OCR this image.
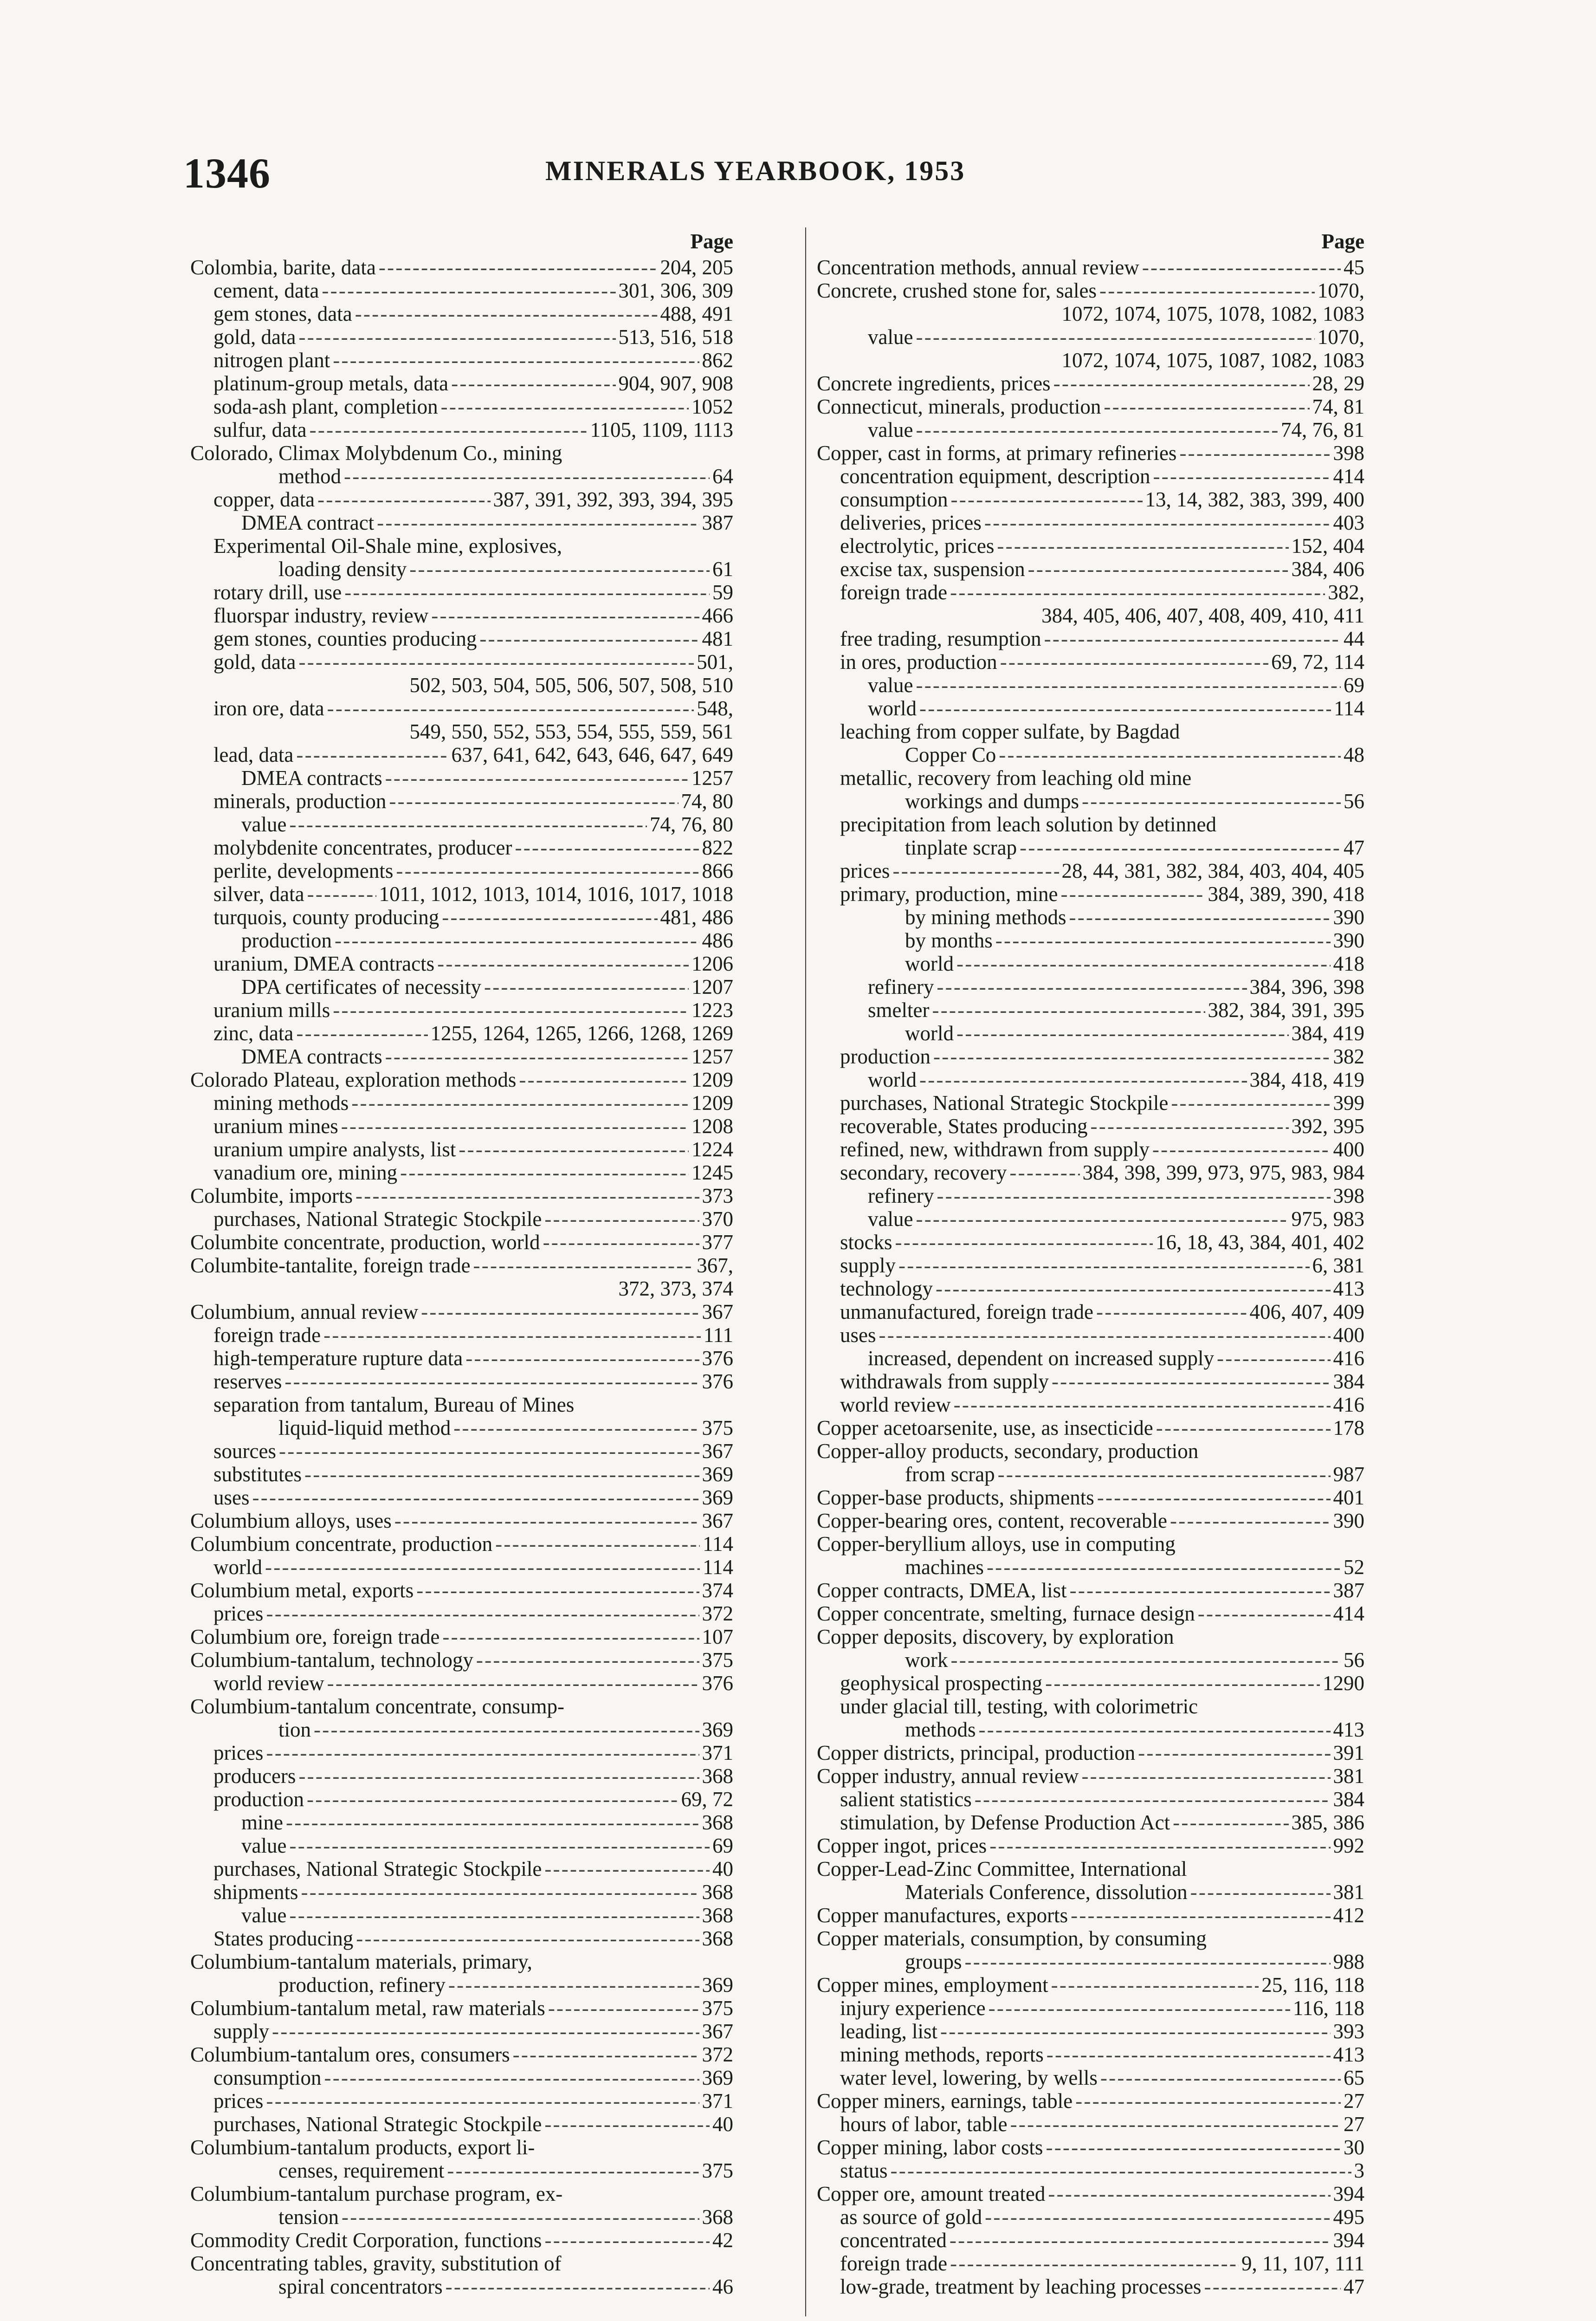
1346	MINERALS YEARBOOK, 1953
Page
Colombia, barite, data - - -	204, 205
cement, data - - -	301, 306, 309
gem stones, data - - -	488, 491
gold, data - - -	513, 516, 518
nitrogen plant - - -	862
platinum-group metals, data - - -	904, 907, 908
soda-ash plant, completion - - -	1052
sulfur, data - - -	1105, 1109, 1113
Colorado, Climax Molybdenum Co., mining
method - - -	64
copper, data - - -	387, 391, 392, 393, 394, 395
DMEA contract - - -	387
Experimental Oil-Shale mine, explosives,
loading density - - -	61
rotary drill, use - - -	59
fluorspar industry, review - - -	466
gem stones, counties producing - - -	481
gold, data - - -	501,
502, 503, 504, 505, 506, 507, 508, 510
iron ore, data - - -	548,
549, 550, 552, 553, 554, 555, 559, 561
lead, data - - -	637, 641, 642, 643, 646, 647, 649
DMEA contracts - - -	1257
minerals, production - - -	74, 80
value - - -	74, 76, 80
molybdenite concentrates, producer - - -	822
perlite, developments - - -	866
silver, data - - -	1011, 1012, 1013, 1014, 1016, 1017, 1018
turquois, county producing - - -	481, 486
production - - -	486
uranium, DMEA contracts - - -	1206
DPA certificates of necessity - - -	1207
uranium mills - - -	1223
zinc, data - - -	1255, 1264, 1265, 1266, 1268, 1269
DMEA contracts - - -	1257
Colorado Plateau, exploration methods - - -	1209
mining methods - - -	1209
uranium mines - - -	1208
uranium umpire analysts, list - - -	1224
vanadium ore, mining - - -	1245
Columbite, imports - - -	373
purchases, National Strategic Stockpile - - -	370
Columbite concentrate, production, world - - -	377
Columbite-tantalite, foreign trade - - -	367,
372, 373, 374
Columbium, annual review - - -	367
foreign trade - - -	111
high-temperature rupture data - - -	376
reserves - - -	376
separation from tantalum, Bureau of Mines
liquid-liquid method - - -	375
sources - - -	367
substitutes - - -	369
uses - - -	369
Columbium alloys, uses - - -	367
Columbium concentrate, production - - -	114
world - - -	114
Columbium metal, exports - - -	374
prices - - -	372
Columbium ore, foreign trade - - -	107
Columbium-tantalum, technology - - -	375
world review - - -	376
Columbium-tantalum concentrate, consump-
tion - - -	369
prices - - -	371
producers - - -	368
production - - -	69, 72
mine - - -	368
value - - -	69
purchases, National Strategic Stockpile - - -	40
shipments - - -	368
value - - -	368
States producing - - -	368
Columbium-tantalum materials, primary,
production, refinery - - -	369
Columbium-tantalum metal, raw materials - - -	375
supply - - -	367
Columbium-tantalum ores, consumers - - -	372
consumption - - -	369
prices - - -	371
purchases, National Strategic Stockpile - - -	40
Columbium-tantalum products, export li-
censes, requirement - - -	375
Columbium-tantalum purchase program, ex-
tension - - -	368
Commodity Credit Corporation, functions - - -	42
Concentrating tables, gravity, substitution of
spiral concentrators - - -	46
Page
Concentration methods, annual review - - -	45
Concrete, crushed stone for, sales - - -	1070,
1072, 1074, 1075, 1078, 1082, 1083
value - - -	1070,
1072, 1074, 1075, 1087, 1082, 1083
Concrete ingredients, prices - - -	28, 29
Connecticut, minerals, production - - -	74, 81
value - - -	74, 76, 81
Copper, cast in forms, at primary refineries - - -	398
concentration equipment, description - - -	414
consumption - - -	13, 14, 382, 383, 399, 400
deliveries, prices - - -	403
electrolytic, prices - - -	152, 404
excise tax, suspension - - -	384, 406
foreign trade - - -	382,
384, 405, 406, 407, 408, 409, 410, 411
free trading, resumption - - -	44
in ores, production - - -	69, 72, 114
value - - -	69
world - - -	114
leaching from copper sulfate, by Bagdad
Copper Co - - -	48
metallic, recovery from leaching old mine
workings and dumps - - -	56
precipitation from leach solution by detinned
tinplate scrap - - -	47
prices - - -	28, 44, 381, 382, 384, 403, 404, 405
primary, production, mine - - -	384, 389, 390, 418
by mining methods - - -	390
by months - - -	390
world - - -	418
refinery - - -	384, 396, 398
smelter - - -	382, 384, 391, 395
world - - -	384, 419
production - - -	382
world - - -	384, 418, 419
purchases, National Strategic Stockpile - - -	399
recoverable, States producing - - -	392, 395
refined, new, withdrawn from supply - - -	400
secondary, recovery - - -	384, 398, 399, 973, 975, 983, 984
refinery - - -	398
value - - -	975, 983
stocks - - -	16, 18, 43, 384, 401, 402
supply - - -	6, 381
technology - - -	413
unmanufactured, foreign trade - - -	406, 407, 409
uses - - -	400
increased, dependent on increased supply - - -	416
withdrawals from supply - - -	384
world review - - -	416
Copper acetoarsenite, use, as insecticide - - -	178
Copper-alloy products, secondary, production
from scrap - - -	987
Copper-base products, shipments - - -	401
Copper-bearing ores, content, recoverable - - -	390
Copper-beryllium alloys, use in computing
machines - - -	52
Copper contracts, DMEA, list - - -	387
Copper concentrate, smelting, furnace design - - -	414
Copper deposits, discovery, by exploration
work - - -	56
geophysical prospecting - - -	1290
under glacial till, testing, with colorimetric
methods - - -	413
Copper districts, principal, production - - -	391
Copper industry, annual review - - -	381
salient statistics - - -	384
stimulation, by Defense Production Act - - -	385, 386
Copper ingot, prices - - -	992
Copper-Lead-Zinc Committee, International
Materials Conference, dissolution - - -	381
Copper manufactures, exports - - -	412
Copper materials, consumption, by consuming
groups - - -	988
Copper mines, employment - - -	25, 116, 118
injury experience - - -	116, 118
leading, list - - -	393
mining methods, reports - - -	413
water level, lowering, by wells - - -	65
Copper miners, earnings, table - - -	27
hours of labor, table - - -	27
Copper mining, labor costs - - -	30
status - - -	3
Copper ore, amount treated - - -	394
as source of gold - - -	495
concentrated - - -	394
foreign trade - - -	9, 11, 107, 111
low-grade, treatment by leaching processes - - -	47
